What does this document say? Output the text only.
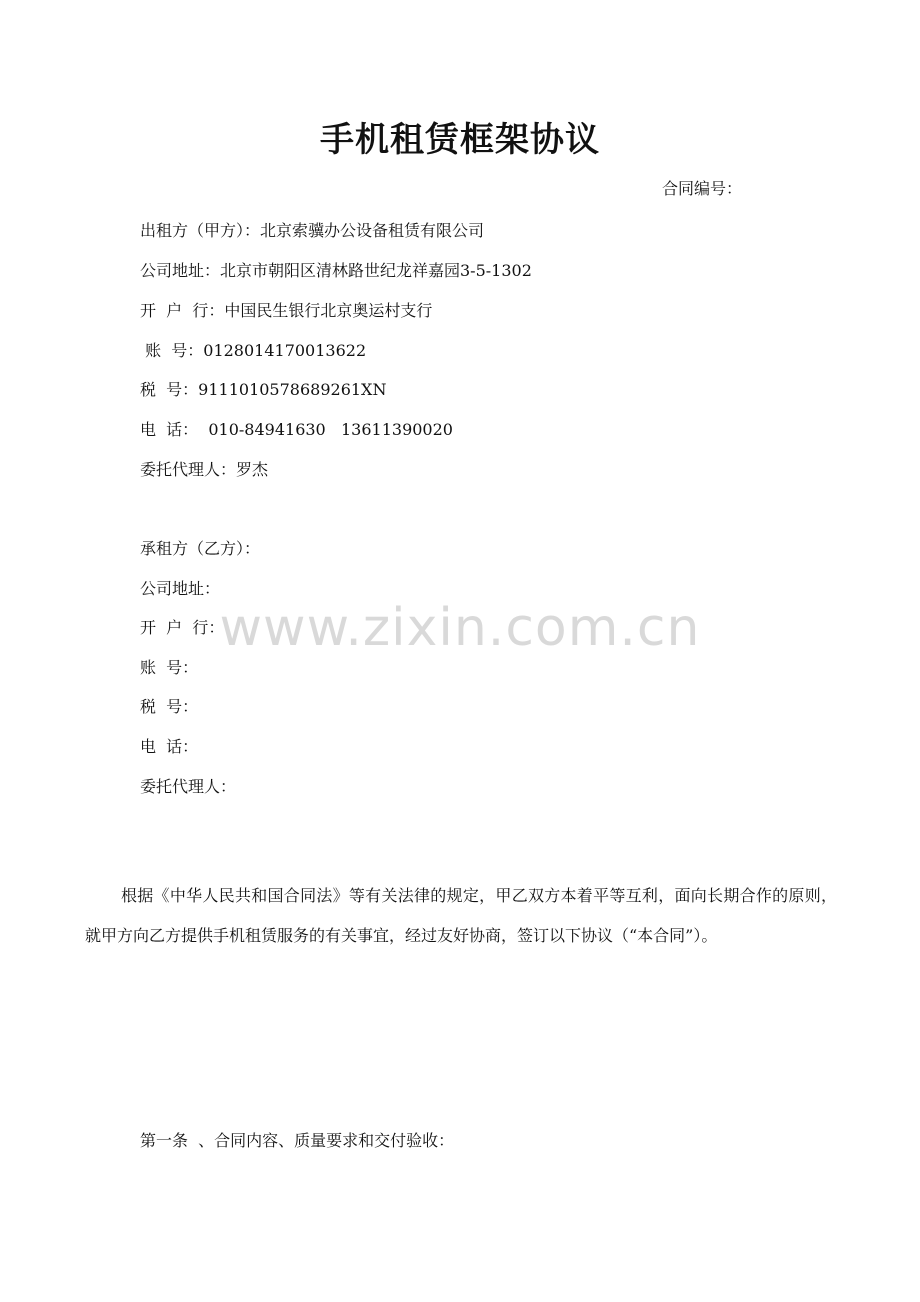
www.zixin.com.cn
手机租赁框架协议
合同编号：
出租方（甲方）：北京索骥办公设备租赁有限公司
公司地址：北京市朝阳区清林路世纪龙祥嘉园3-5-1302
开  户  行：中国民生银行北京奥运村支行
账  号：0128014170013622
税  号：9111010578689261XN
电  话：  010-84941630   13611390020
委托代理人：罗杰
承租方（乙方）：
公司地址：
开  户  行：
账  号：
税  号：
电  话：
委托代理人：
根据《中华人民共和国合同法》等有关法律的规定，甲乙双方本着平等互利，面向长期合作的原则，就甲方向乙方提供手机租赁服务的有关事宜，经过友好协商，签订以下协议（“本合同”）。
第一条  、合同内容、质量要求和交付验收：
